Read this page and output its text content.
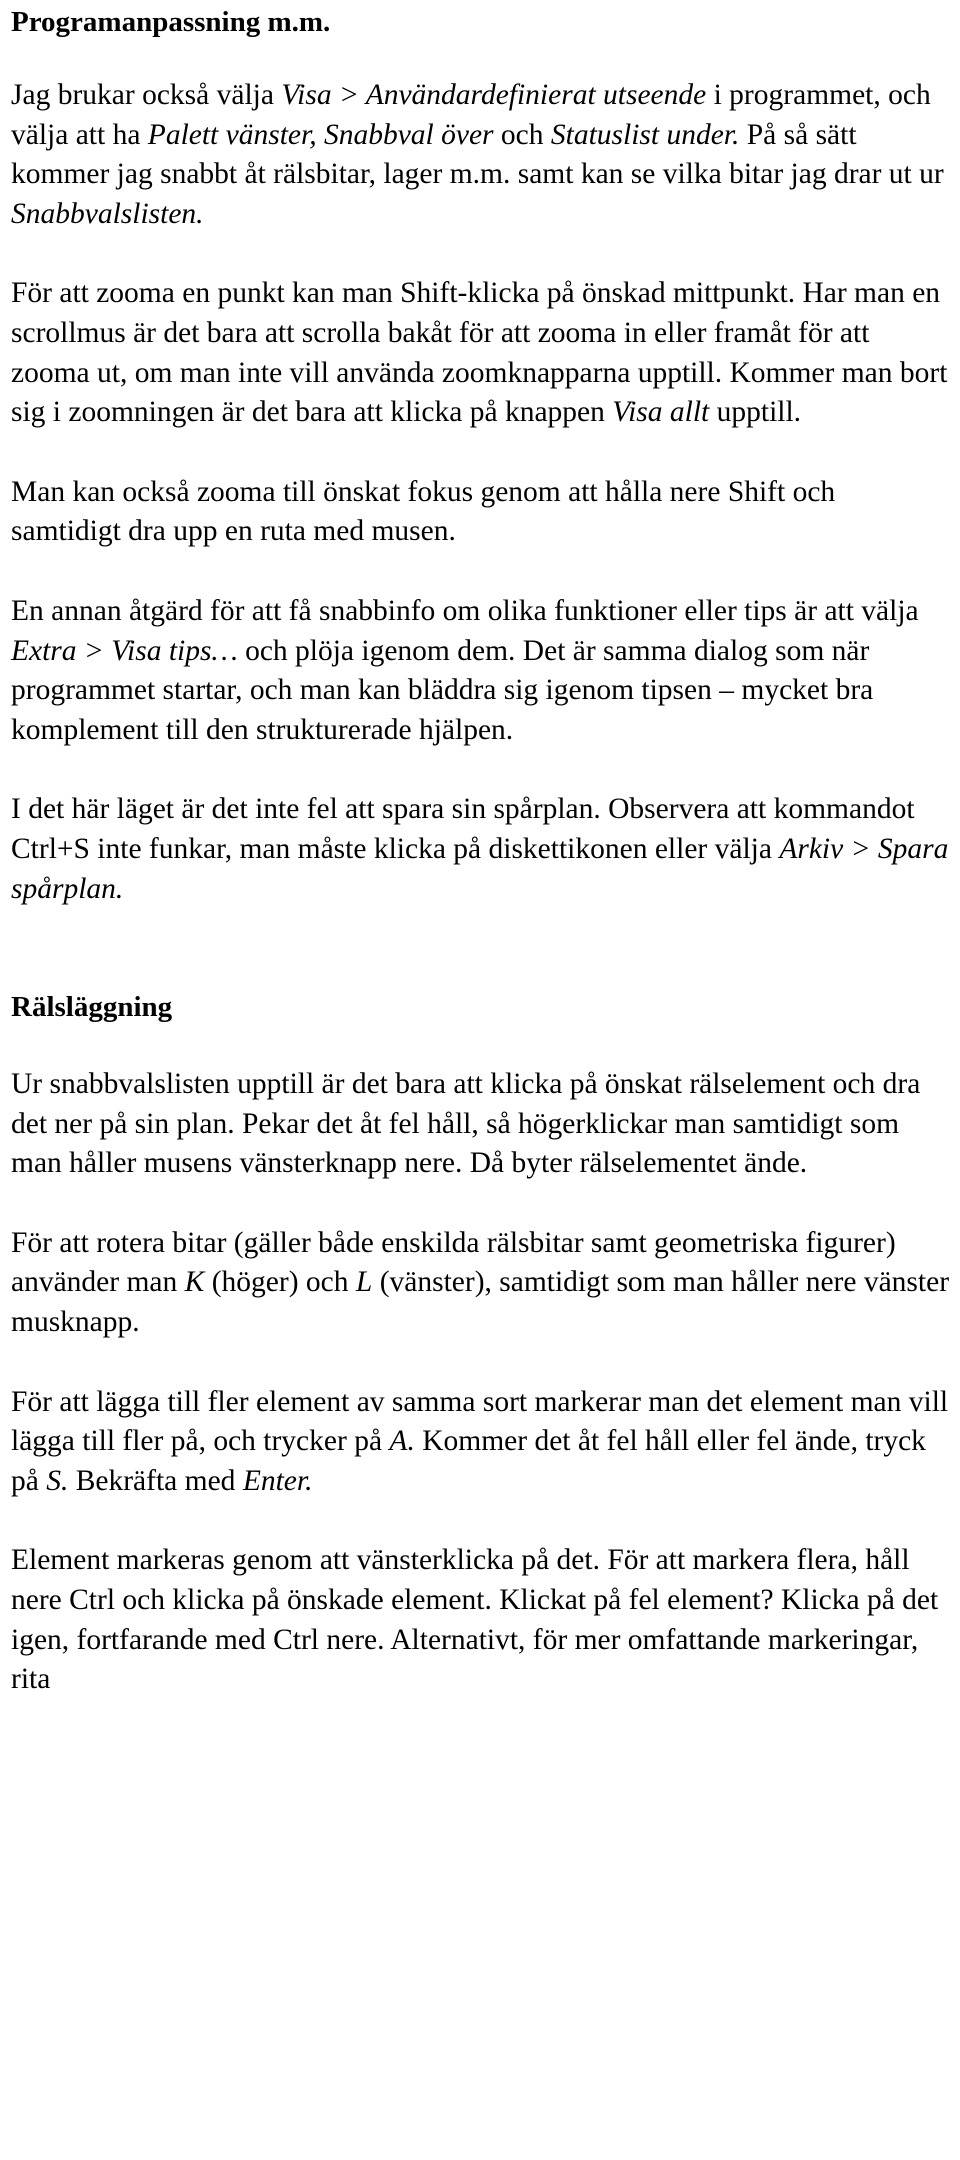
Programanpassning m.m.

Jag brukar också välja Visa > Användardefinierat utseende i programmet, och välja att ha Palett vänster, Snabbval över och Statuslist under. På så sätt kommer jag snabbt åt rälsbitar, lager m.m. samt kan se vilka bitar jag drar ut ur Snabbvalslisten.

För att zooma en punkt kan man Shift-klicka på önskad mittpunkt. Har man en scrollmus är det bara att scrolla bakåt för att zooma in eller framåt för att zooma ut, om man inte vill använda zoomknapparna upptill. Kommer man bort sig i zoomningen är det bara att klicka på knappen Visa allt upptill.

Man kan också zooma till önskat fokus genom att hålla nere Shift och samtidigt dra upp en ruta med musen.

En annan åtgärd för att få snabbinfo om olika funktioner eller tips är att välja Extra > Visa tips… och plöja igenom dem. Det är samma dialog som när programmet startar, och man kan bläddra sig igenom tipsen – mycket bra komplement till den strukturerade hjälpen.

I det här läget är det inte fel att spara sin spårplan. Observera att kommandot Ctrl+S inte funkar, man måste klicka på diskettikonen eller välja Arkiv > Spara spårplan.

Rälsläggning

Ur snabbvalslisten upptill är det bara att klicka på önskat rälselement och dra det ner på sin plan. Pekar det åt fel håll, så högerklickar man samtidigt som man håller musens vänsterknapp nere. Då byter rälselementet ände.

För att rotera bitar (gäller både enskilda rälsbitar samt geometriska figurer) använder man K (höger) och L (vänster), samtidigt som man håller nere vänster musknapp.

För att lägga till fler element av samma sort markerar man det element man vill lägga till fler på, och trycker på A. Kommer det åt fel håll eller fel ände, tryck på S. Bekräfta med Enter.

Element markeras genom att vänsterklicka på det. För att markera flera, håll nere Ctrl och klicka på önskade element. Klickat på fel element? Klicka på det igen, fortfarande med Ctrl nere. Alternativt, för mer omfattande markeringar, rita
